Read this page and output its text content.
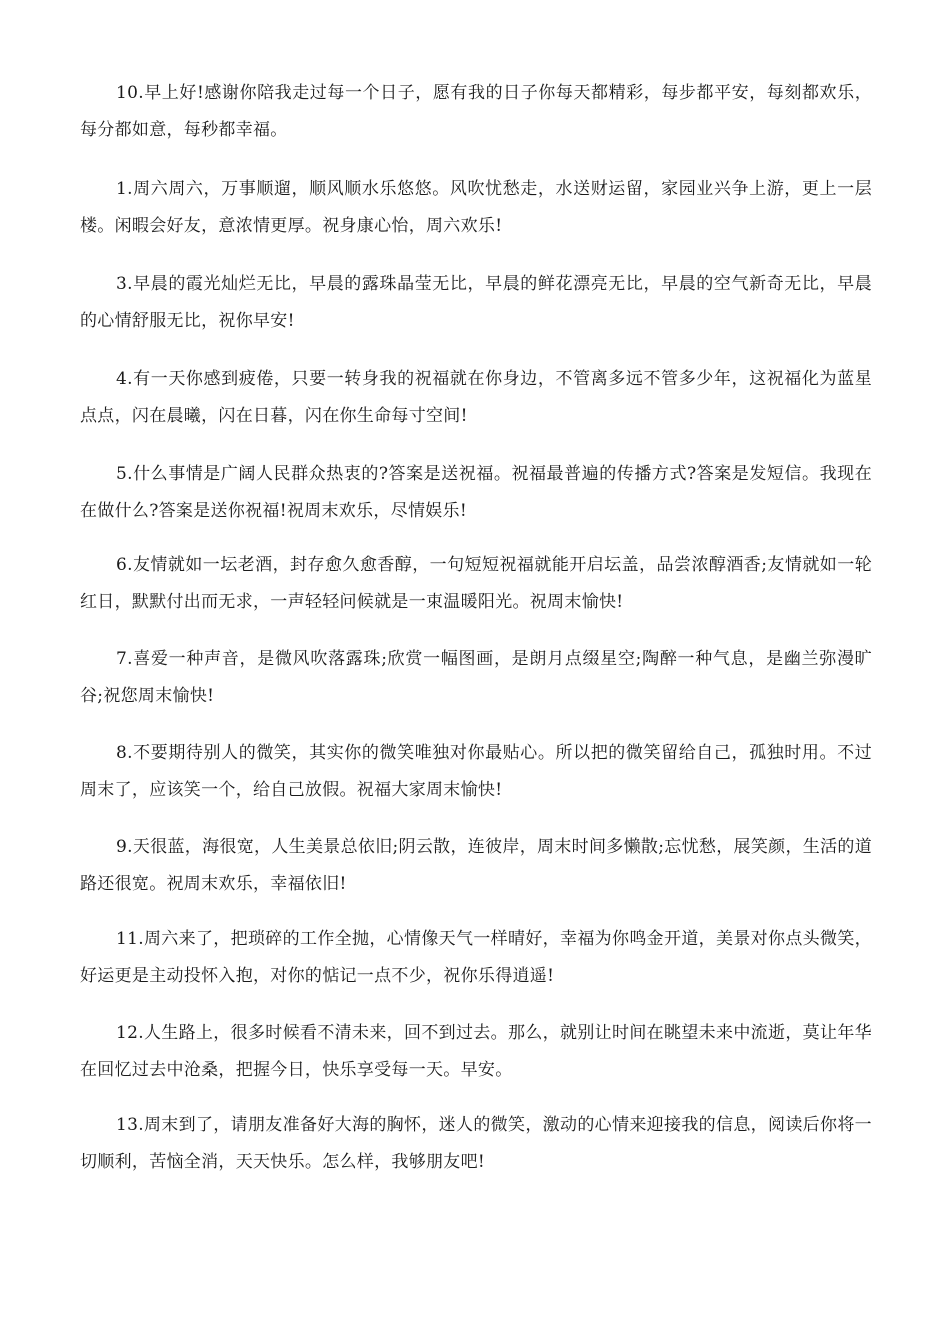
10.早上好!感谢你陪我走过每一个日子，愿有我的日子你每天都精彩，每步都平安，每刻都欢乐，每分都如意，每秒都幸福。

1.周六周六，万事顺遛，顺风顺水乐悠悠。风吹忧愁走，水送财运留，家园业兴争上游，更上一层楼。闲暇会好友，意浓情更厚。祝身康心怡，周六欢乐!

3.早晨的霞光灿烂无比，早晨的露珠晶莹无比，早晨的鲜花漂亮无比，早晨的空气新奇无比，早晨的心情舒服无比，祝你早安!

4.有一天你感到疲倦，只要一转身我的祝福就在你身边，不管离多远不管多少年，这祝福化为蓝星点点，闪在晨曦，闪在日暮，闪在你生命每寸空间!

5.什么事情是广阔人民群众热衷的?答案是送祝福。祝福最普遍的传播方式?答案是发短信。我现在在做什么?答案是送你祝福!祝周末欢乐，尽情娱乐!

6.友情就如一坛老酒，封存愈久愈香醇，一句短短祝福就能开启坛盖，品尝浓醇酒香;友情就如一轮红日，默默付出而无求，一声轻轻问候就是一束温暖阳光。祝周末愉快!

7.喜爱一种声音，是微风吹落露珠;欣赏一幅图画，是朗月点缀星空;陶醉一种气息，是幽兰弥漫旷谷;祝您周末愉快!

8.不要期待别人的微笑，其实你的微笑唯独对你最贴心。所以把的微笑留给自己，孤独时用。不过周末了，应该笑一个，给自己放假。祝福大家周末愉快!

9.天很蓝，海很宽，人生美景总依旧;阴云散，连彼岸，周末时间多懒散;忘忧愁，展笑颜，生活的道路还很宽。祝周末欢乐，幸福依旧!

11.周六来了，把琐碎的工作全抛，心情像天气一样晴好，幸福为你鸣金开道，美景对你点头微笑，好运更是主动投怀入抱，对你的惦记一点不少，祝你乐得逍遥!

12.人生路上，很多时候看不清未来，回不到过去。那么，就别让时间在眺望未来中流逝，莫让年华在回忆过去中沧桑，把握今日，快乐享受每一天。早安。

13.周末到了，请朋友准备好大海的胸怀，迷人的微笑，激动的心情来迎接我的信息，阅读后你将一切顺利，苦恼全消，天天快乐。怎么样，我够朋友吧!
